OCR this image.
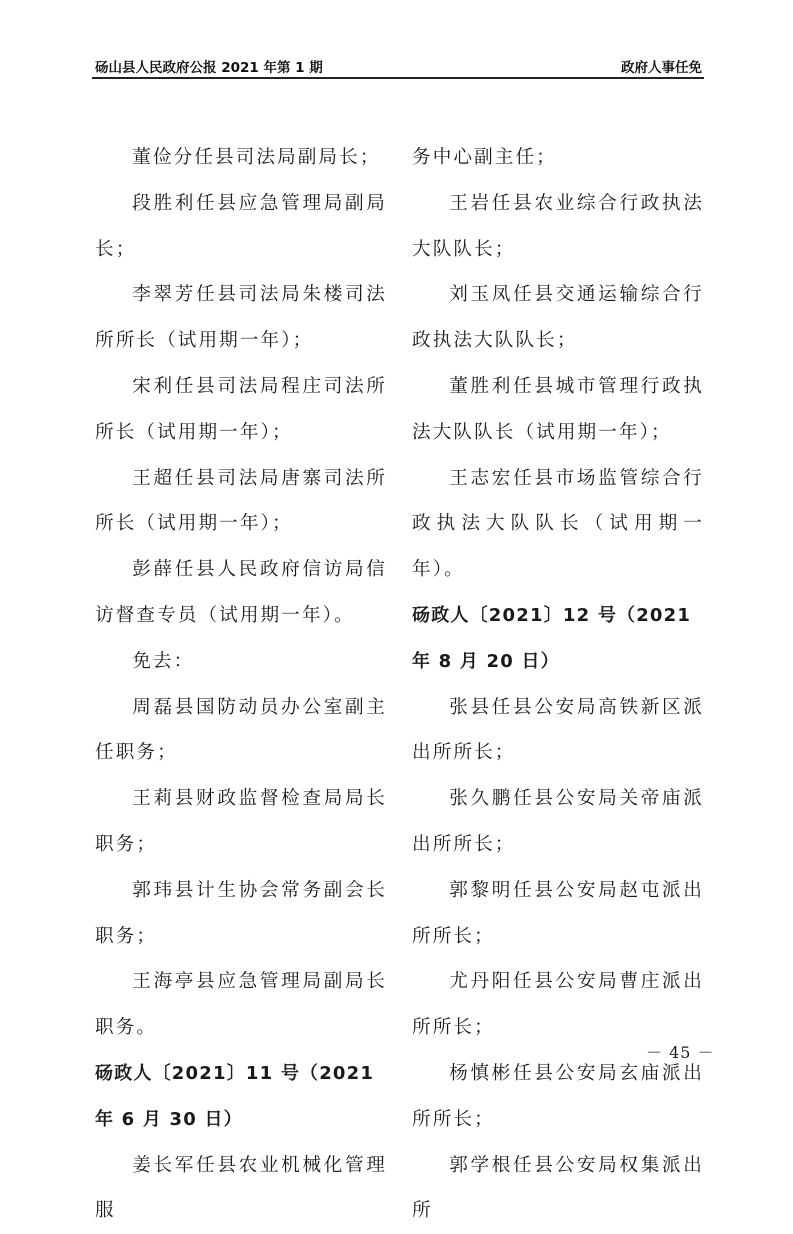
砀山县人民政府公报 2021 年第 1 期	政府人事任免

董俭分任县司法局副局长；

段胜利任县应急管理局副局长；

李翠芳任县司法局朱楼司法所所长（试用期一年）；

宋利任县司法局程庄司法所所长（试用期一年）；

王超任县司法局唐寨司法所所长（试用期一年）；

彭薛任县人民政府信访局信访督查专员（试用期一年）。

免去：

周磊县国防动员办公室副主任职务；

王莉县财政监督检查局局长职务；

郭玮县计生协会常务副会长职务；

王海亭县应急管理局副局长职务。

砀政人〔2021〕11 号（2021 年 6 月 30 日）

姜长军任县农业机械化管理服

务中心副主任；

王岩任县农业综合行政执法大队队长；

刘玉凤任县交通运输综合行政执法大队队长；

董胜利任县城市管理行政执法大队队长（试用期一年）；

王志宏任县市场监管综合行政执法大队队长（试用期一年）。

砀政人〔2021〕12 号（2021 年 8 月 20 日）

张县任县公安局高铁新区派出所所长；

张久鹏任县公安局关帝庙派出所所长；

郭黎明任县公安局赵屯派出所所长；

尤丹阳任县公安局曹庄派出所所长；

杨慎彬任县公安局玄庙派出所所长；

郭学根任县公安局权集派出所

－ 45 －
